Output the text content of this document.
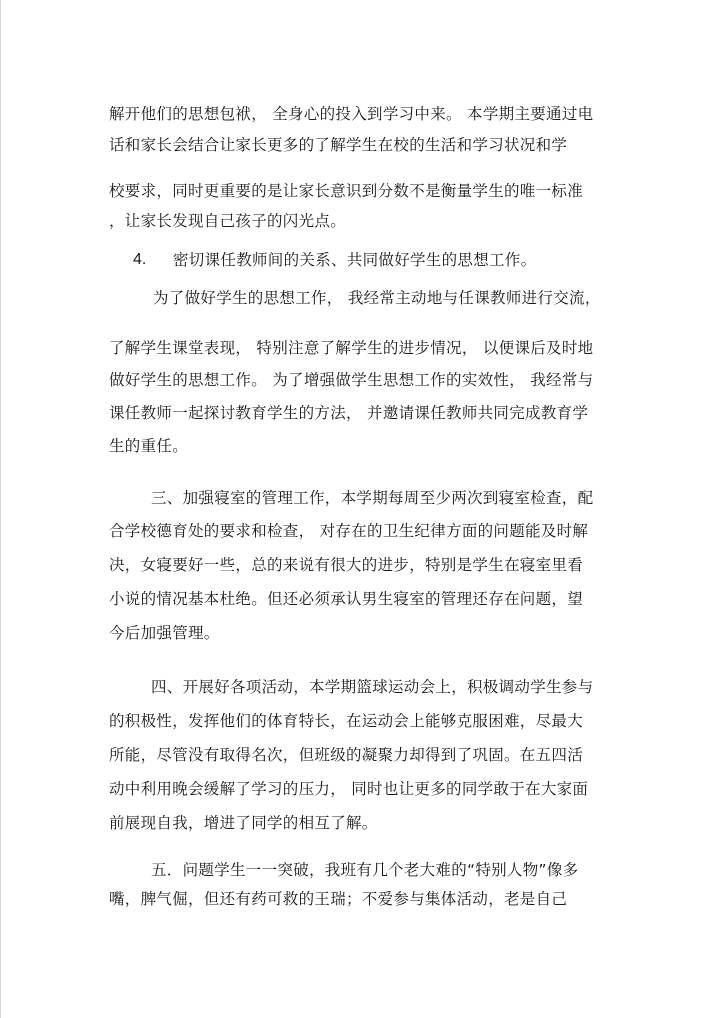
解开他们的思想包袱， 全身心的投入到学习中来。 本学期主要通过电
话和家长会结合让家长更多的了解学生在校的生活和学习状况和学
校要求，同时更重要的是让家长意识到分数不是衡量学生的唯一标准
，让家长发现自己孩子的闪光点。
4. 密切课任教师间的关系、共同做好学生的思想工作。
为了做好学生的思想工作， 我经常主动地与任课教师进行交流，
了解学生课堂表现， 特别注意了解学生的进步情况， 以便课后及时地
做好学生的思想工作。 为了增强做学生思想工作的实效性， 我经常与
课任教师一起探讨教育学生的方法， 并邀请课任教师共同完成教育学
生的重任。
三、加强寝室的管理工作，本学期每周至少两次到寝室检查，配
合学校德育处的要求和检查， 对存在的卫生纪律方面的问题能及时解
决，女寝要好一些，总的来说有很大的进步，特别是学生在寝室里看
小说的情况基本杜绝。但还必须承认男生寝室的管理还存在问题，望
今后加强管理。
四、开展好各项活动，本学期篮球运动会上，积极调动学生参与
的积极性，发挥他们的体育特长，在运动会上能够克服困难，尽最大
所能，尽管没有取得名次，但班级的凝聚力却得到了巩固。在五四活
动中利用晚会缓解了学习的压力， 同时也让更多的同学敢于在大家面
前展现自我，增进了同学的相互了解。
五．问题学生一一突破，我班有几个老大难的“特别人物”像多
嘴，脾气倔，但还有药可救的王瑞；不爱参与集体活动，老是自己
